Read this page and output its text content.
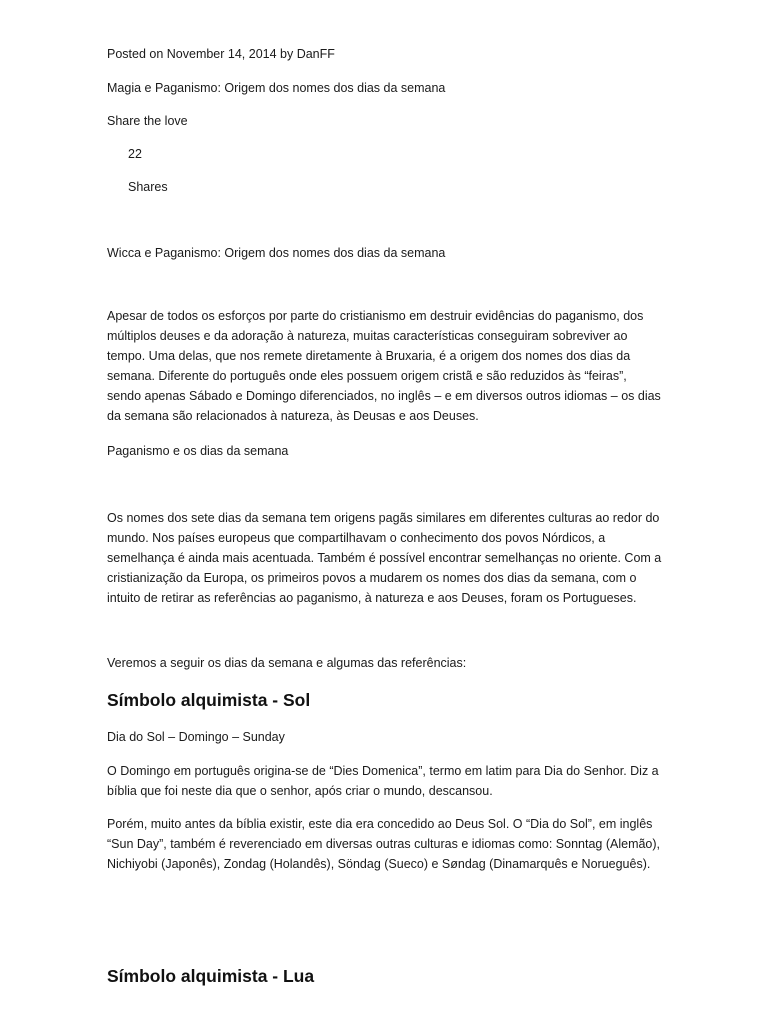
Posted on November 14, 2014 by DanFF
Magia e Paganismo: Origem dos nomes dos dias da semana
Share the love
22
Shares
Wicca e Paganismo: Origem dos nomes dos dias da semana

Apesar de todos os esforços por parte do cristianismo em destruir evidências do paganismo, dos múltiplos deuses e da adoração à natureza, muitas características conseguiram sobreviver ao tempo. Uma delas, que nos remete diretamente à Bruxaria, é a origem dos nomes dos dias da semana. Diferente do português onde eles possuem origem cristã e são reduzidos às “feiras”, sendo apenas Sábado e Domingo diferenciados, no inglês – e em diversos outros idiomas – os dias da semana são relacionados à natureza, às Deusas e aos Deuses.

Paganismo e os dias da semana

Os nomes dos sete dias da semana tem origens pagãs similares em diferentes culturas ao redor do mundo. Nos países europeus que compartilhavam o conhecimento dos povos Nórdicos, a semelhança é ainda mais acentuada. Também é possível encontrar semelhanças no oriente. Com a cristianização da Europa, os primeiros povos a mudarem os nomes dos dias da semana, com o intuito de retirar as referências ao paganismo, à natureza e aos Deuses, foram os Portugueses.

Veremos a seguir os dias da semana e algumas das referências:
Símbolo alquimista - Sol
Dia do Sol – Domingo – Sunday

O Domingo em português origina-se de “Dies Domenica”, termo em latim para Dia do Senhor. Diz a bíblia que foi neste dia que o senhor, após criar o mundo, descansou.

Porém, muito antes da bíblia existir, este dia era concedido ao Deus Sol. O “Dia do Sol”, em inglês “Sun Day”, também é reverenciado em diversas outras culturas e idiomas como: Sonntag (Alemão), Nichiyobi (Japonês), Zondag (Holandês), Söndag (Sueco) e Søndag (Dinamarquês e Norueguês).

Símbolo alquimista - Lua
